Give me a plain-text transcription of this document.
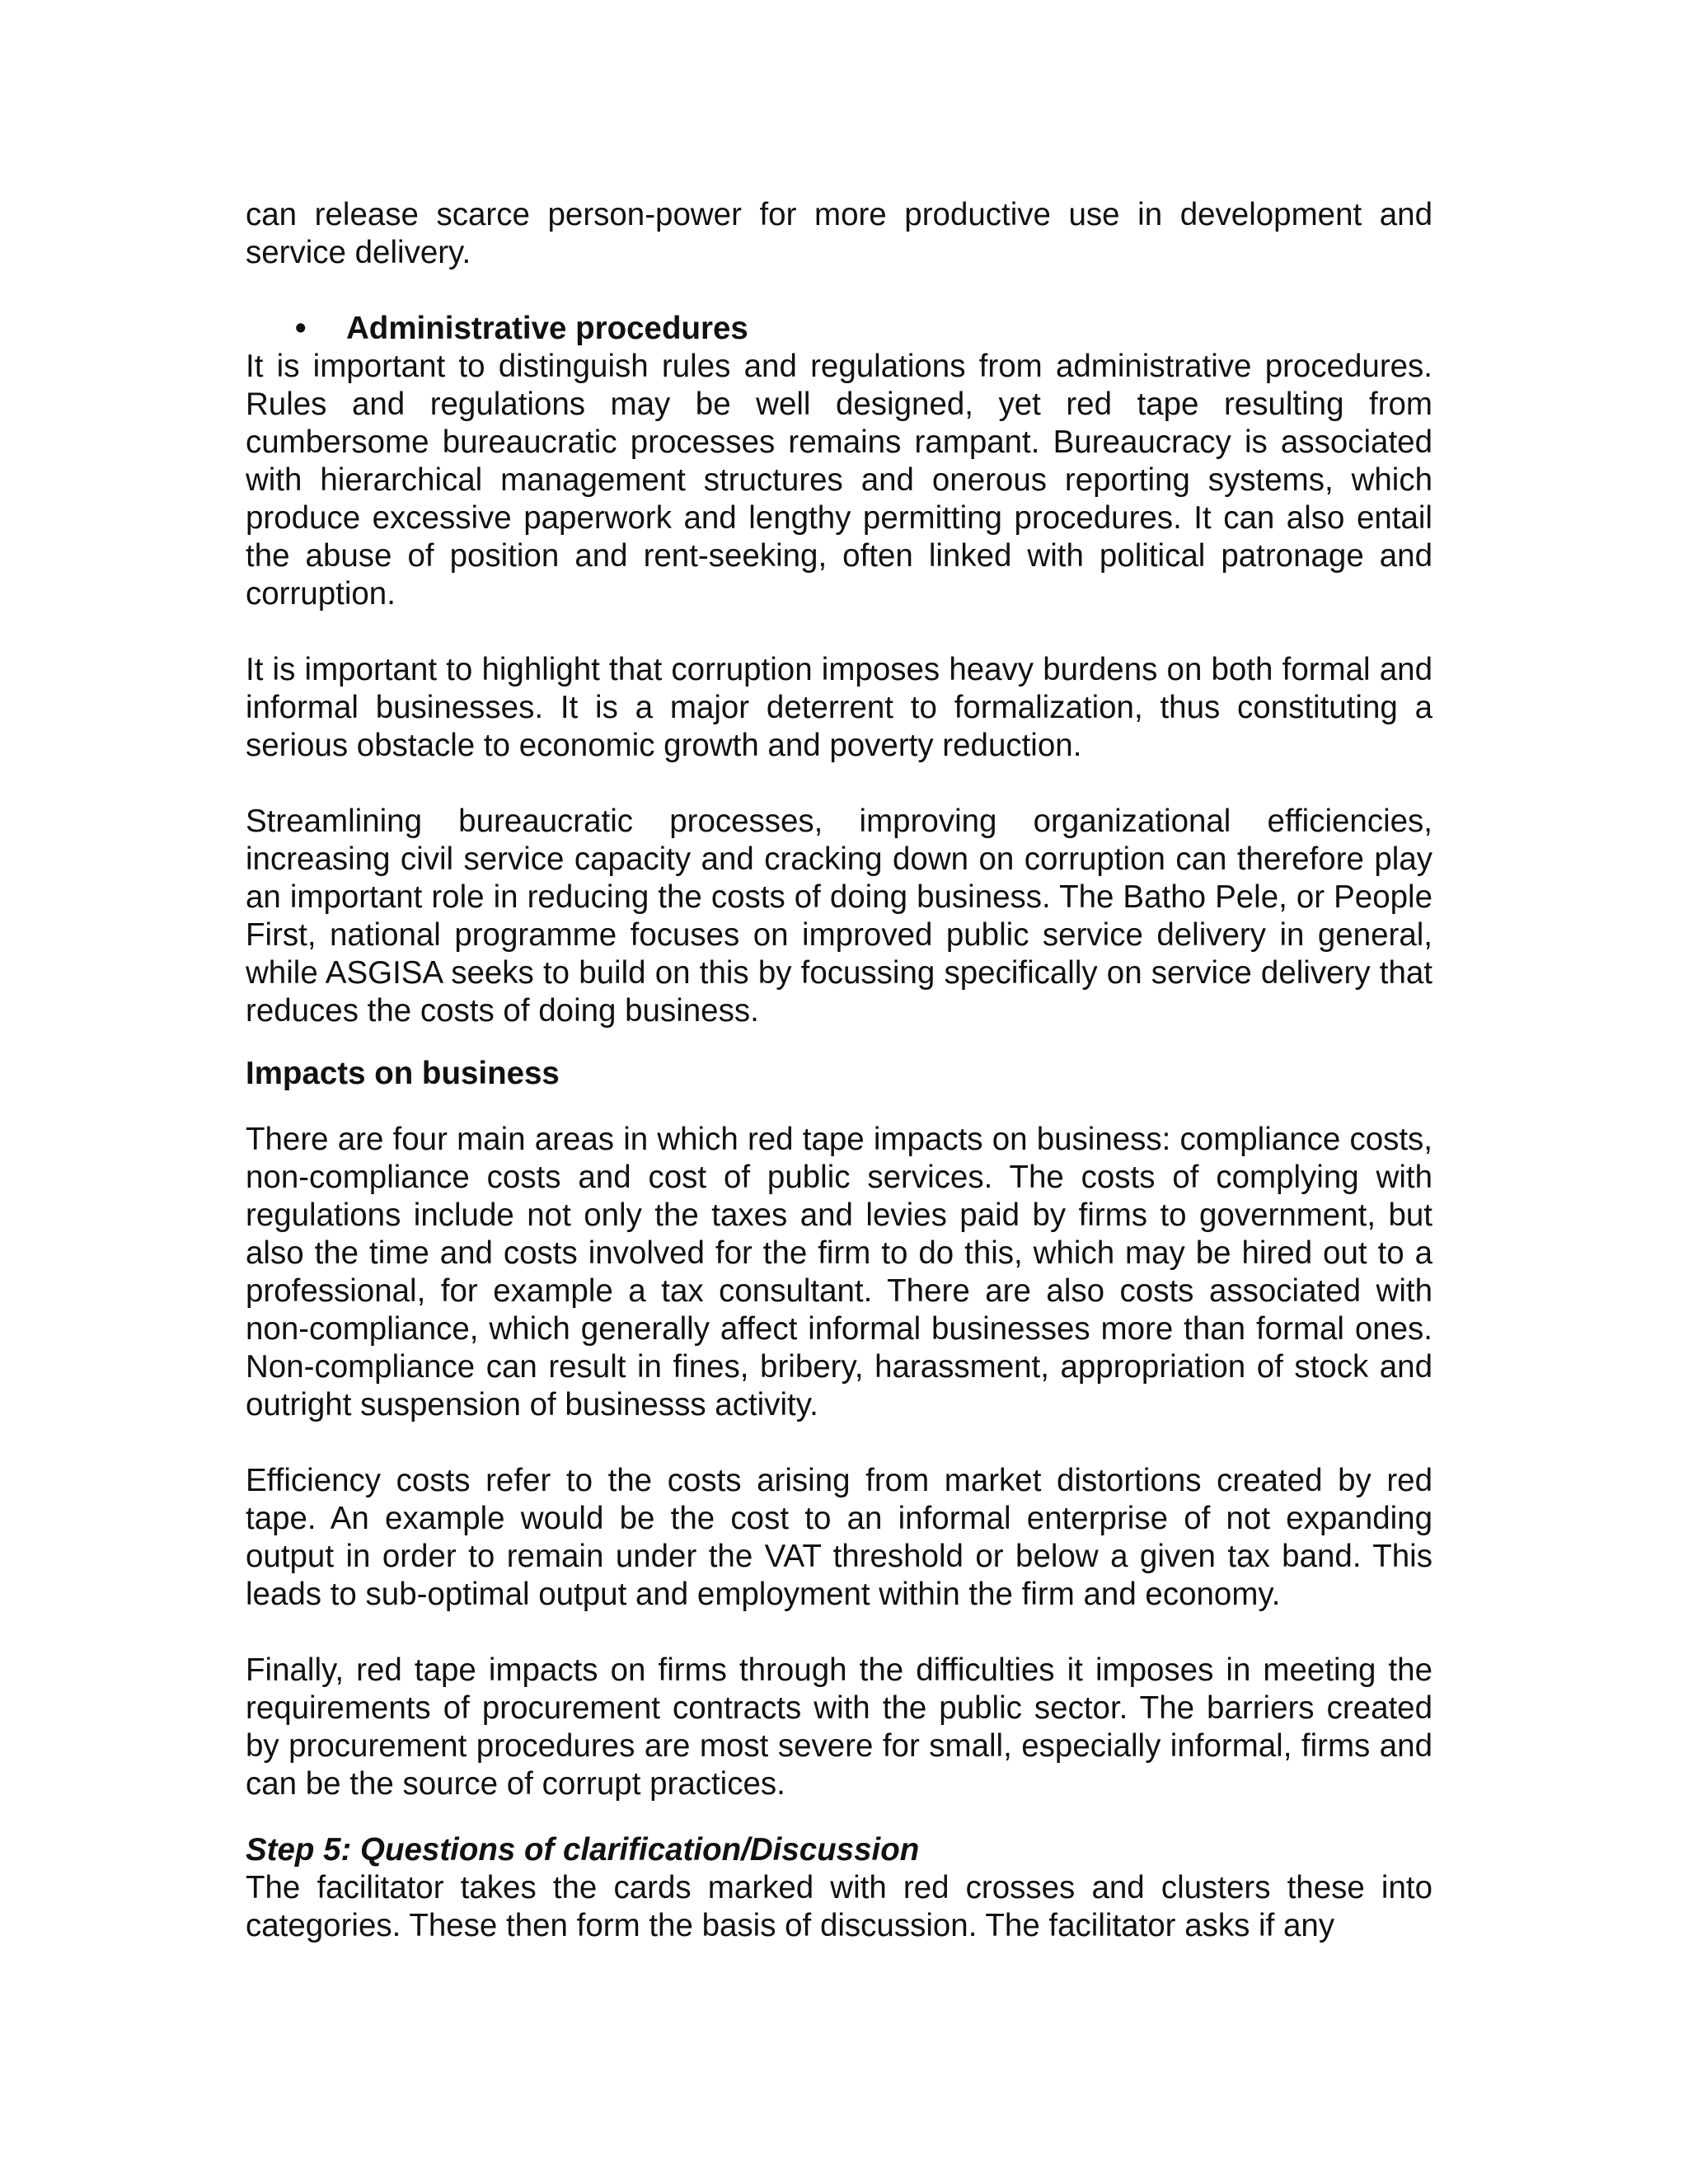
can release scarce person-power for more productive use in development and service delivery.

•	Administrative procedures

It is important to distinguish rules and regulations from administrative procedures. Rules and regulations may be well designed, yet red tape resulting from cumbersome bureaucratic processes remains rampant. Bureaucracy is associated with hierarchical management structures and onerous reporting systems, which produce excessive paperwork and lengthy permitting procedures. It can also entail the abuse of position and rent-seeking, often linked with political patronage and corruption.

It is important to highlight that corruption imposes heavy burdens on both formal and informal businesses. It is a major deterrent to formalization, thus constituting a serious obstacle to economic growth and poverty reduction.

Streamlining bureaucratic processes, improving organizational efficiencies, increasing civil service capacity and cracking down on corruption can therefore play an important role in reducing the costs of doing business. The Batho Pele, or People First, national programme focuses on improved public service delivery in general, while ASGISA seeks to build on this by focussing specifically on service delivery that reduces the costs of doing business.

Impacts on business

There are four main areas in which red tape impacts on business: compliance costs, non-compliance costs and cost of public services. The costs of complying with regulations include not only the taxes and levies paid by firms to government, but also the time and costs involved for the firm to do this, which may be hired out to a professional, for example a tax consultant. There are also costs associated with non-compliance, which generally affect informal businesses more than formal ones. Non-compliance can result in fines, bribery, harassment, appropriation of stock and outright suspension of businesss activity.

Efficiency costs refer to the costs arising from market distortions created by red tape. An example would be the cost to an informal enterprise of not expanding output in order to remain under the VAT threshold or below a given tax band. This leads to sub-optimal output and employment within the firm and economy.

Finally, red tape impacts on firms through the difficulties it imposes in meeting the requirements of procurement contracts with the public sector. The barriers created by procurement procedures are most severe for small, especially informal, firms and can be the source of corrupt practices.

Step 5: Questions of clarification/Discussion

The facilitator takes the cards marked with red crosses and clusters these into categories. These then form the basis of discussion. The facilitator asks if any
